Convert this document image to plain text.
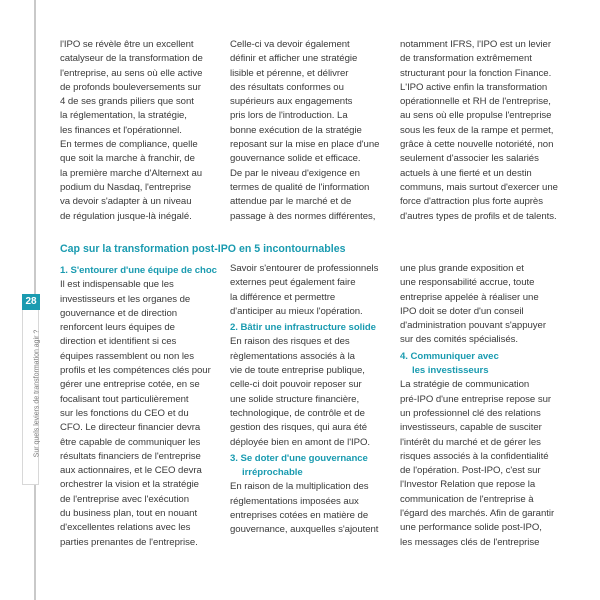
28
Sur quels leviers de transformation agir ?

l'IPO se révèle être un excellent

catalyseur de la transformation de

l'entreprise, au sens où elle active

de profonds bouleversements sur

4 de ses grands piliers que sont

la réglementation, la stratégie,

les finances et l'opérationnel.

En termes de compliance, quelle

que soit la marche à franchir, de

la première marche d'Alternext au

podium du Nasdaq, l'entreprise

va devoir s'adapter à un niveau

de régulation jusque-là inégalé.

Celle-ci va devoir également

définir et afficher une stratégie

lisible et pérenne, et délivrer

des résultats conformes ou

supérieurs aux engagements

pris lors de l'introduction. La

bonne exécution de la stratégie

reposant sur la mise en place d'une

gouvernance solide et efficace.

De par le niveau d'exigence en

termes de qualité de l'information

attendue par le marché et de

passage à des normes différentes,

notamment IFRS, l'IPO est un levier

de transformation extrêmement

structurant pour la fonction Finance.

L'IPO active enfin la transformation

opérationnelle et RH de l'entreprise,

au sens où elle propulse l'entreprise

sous les feux de la rampe et permet,

grâce à cette nouvelle notoriété, non

seulement d'associer les salariés

actuels à une fierté et un destin

communs, mais surtout d'exercer une

force d'attraction plus forte auprès

d'autres types de profils et de talents.

Cap sur la transformation post-IPO en 5 incontournables

1. S'entourer d'une équipe de choc

Il est indispensable que les

investisseurs et les organes de

gouvernance et de direction

renforcent leurs équipes de

direction et identifient si ces

équipes rassemblent ou non les

profils et les compétences clés pour

gérer une entreprise cotée, en se

focalisant tout particulièrement

sur les fonctions du CEO et du

CFO. Le directeur financier devra

être capable de communiquer les

résultats financiers de l'entreprise

aux actionnaires, et le CEO devra

orchestrer la vision et la stratégie

de l'entreprise avec l'exécution

du business plan, tout en nouant

d'excellentes relations avec les

parties prenantes de l'entreprise.

Savoir s'entourer de professionnels

externes peut également faire

la différence et permettre

d'anticiper au mieux l'opération.

2. Bâtir une infrastructure solide

En raison des risques et des

règlementations associés à la

vie de toute entreprise publique,

celle-ci doit pouvoir reposer sur

une solide structure financière,

technologique, de contrôle et de

gestion des risques, qui aura été

déployée bien en amont de l'IPO.

3. Se doter d'une gouvernance

irréprochable

En raison de la multiplication des

réglementations imposées aux

entreprises cotées en matière de

gouvernance, auxquelles s'ajoutent

une plus grande exposition et

une responsabilité accrue, toute

entreprise appelée à réaliser une

IPO doit se doter d'un conseil

d'administration pouvant s'appuyer

sur des comités spécialisés.

4. Communiquer avec

les investisseurs

La stratégie de communication

pré-IPO d'une entreprise repose sur

un professionnel clé des relations

investisseurs, capable de susciter

l'intérêt du marché et de gérer les

risques associés à la confidentialité

de l'opération. Post-IPO, c'est sur

l'Investor Relation que repose la

communication de l'entreprise à

l'égard des marchés. Afin de garantir

une performance solide post-IPO,

les messages clés de l'entreprise
